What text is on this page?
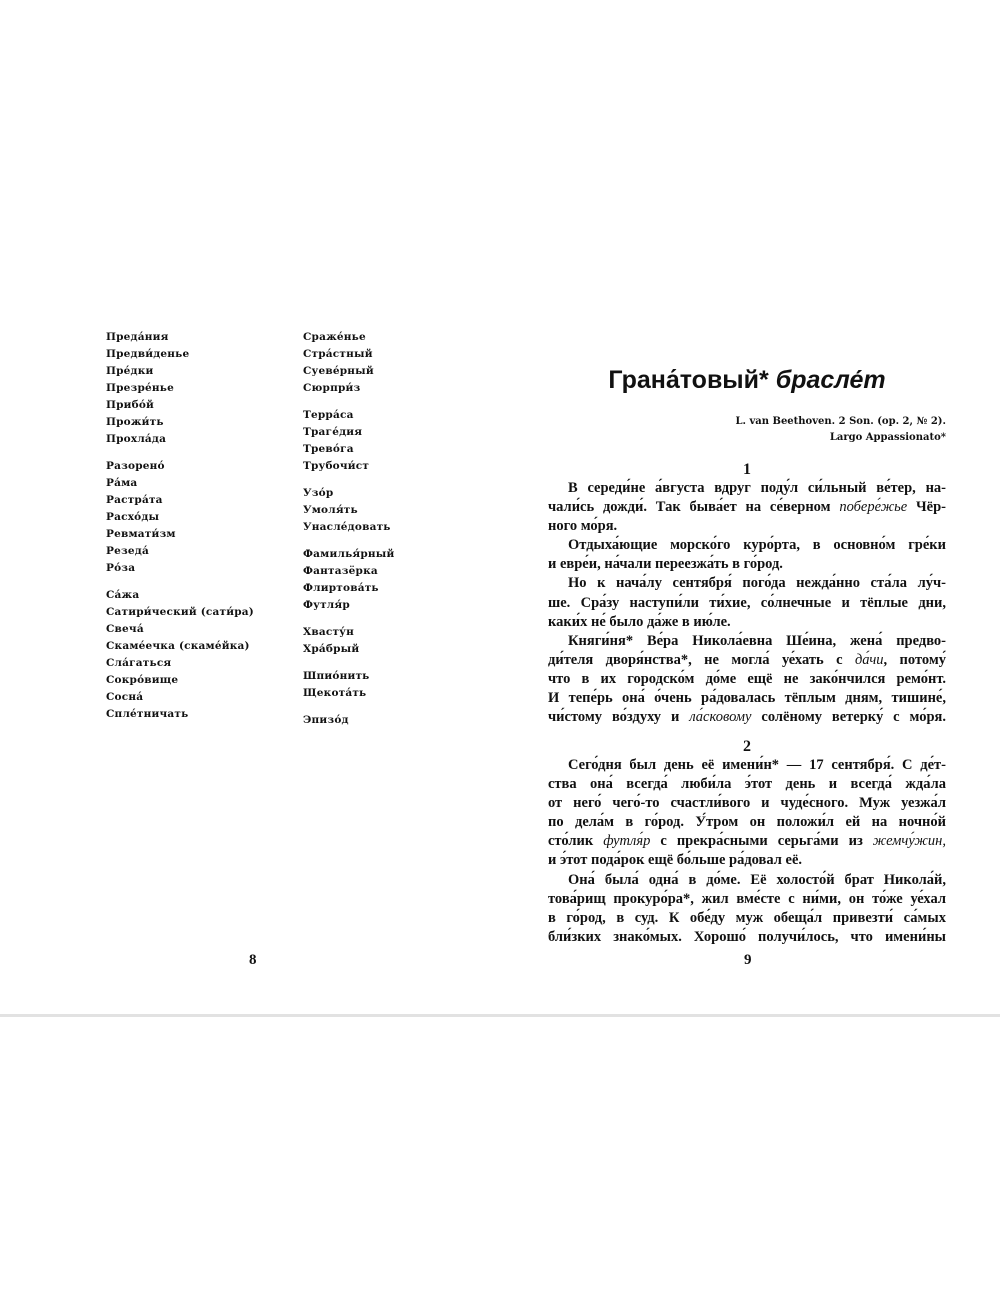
Преда́ния
Предви́денье
Пре́дки
Презре́нье
Прибо́й
Прожи́ть
Прохла́да
Разорено́
Ра́ма
Растра́та
Расхо́ды
Ревмати́зм
Резеда́
Ро́за
Са́жа
Сатири́ческий (сати́ра)
Свеча́
Скаме́ечка (скаме́йка)
Сла́гаться
Сокро́вище
Сосна́
Спле́тничать
Сраже́нье
Стра́стный
Суеве́рный
Сюрпри́з
Терра́са
Траге́дия
Трево́га
Трубочи́ст
Узо́р
Умоля́ть
Унасле́довать
Фамилья́рный
Фантазёрка
Флиртова́ть
Футля́р
Хвасту́н
Хра́брый
Шпио́нить
Щекота́ть
Эпизо́д
8
Грана́товый* брасле́т
L. van Beethoven. 2 Son. (op. 2, № 2).
Largo Appassionato*
1
В середи́не а́вгуста вдруг поду́л си́льный ве́тер, на-
чали́сь дожди́. Так быва́ет на се́верном побере́жье Чёр-
ного мо́ря.
Отдыха́ющие морско́го куро́рта, в основно́м гре́ки
и евре́и, на́чали переезжа́ть в го́род.
Но к нача́лу сентября́ пого́да нежда́нно ста́ла лу́ч-
ше. Сра́зу наступи́ли ти́хие, со́лнечные и тёплые дни,
каки́х не́ было да́же в ию́ле.
Княги́ня* Ве́ра Никола́евна Ше́ина, жена́ предво-
ди́теля дворя́нства*, не могла́ уе́хать с да́чи, потому́
что в их городско́м до́ме ещё не зако́нчился ремо́нт.
И тепе́рь она́ о́чень ра́довалась тёплым дням, тишине́,
чи́стому во́здуху и ла́сковому солёному ветерку́ с мо́ря.
2
Сего́дня был день её имени́н* — 17 сентября́. С де́т-
ства она́ всегда́ люби́ла э́тот день и всегда́ жда́ла
от него́ чего́-то счастли́вого и чуде́сного. Муж уезжа́л
по дела́м в го́род. У́тром он положи́л ей на ночно́й
сто́лик футля́р с прекра́сными серьга́ми из жемчу́жин,
и э́тот пода́рок ещё бо́льше ра́довал её.
Она́ была́ одна́ в до́ме. Её холосто́й брат Никола́й,
това́рищ прокуро́ра*, жил вме́сте с ни́ми, он то́же уе́хал
в го́род, в суд. К обе́ду муж обеща́л привезти́ са́мых
бли́зких знако́мых. Хорошо́ получи́лось, что имени́ны
9
